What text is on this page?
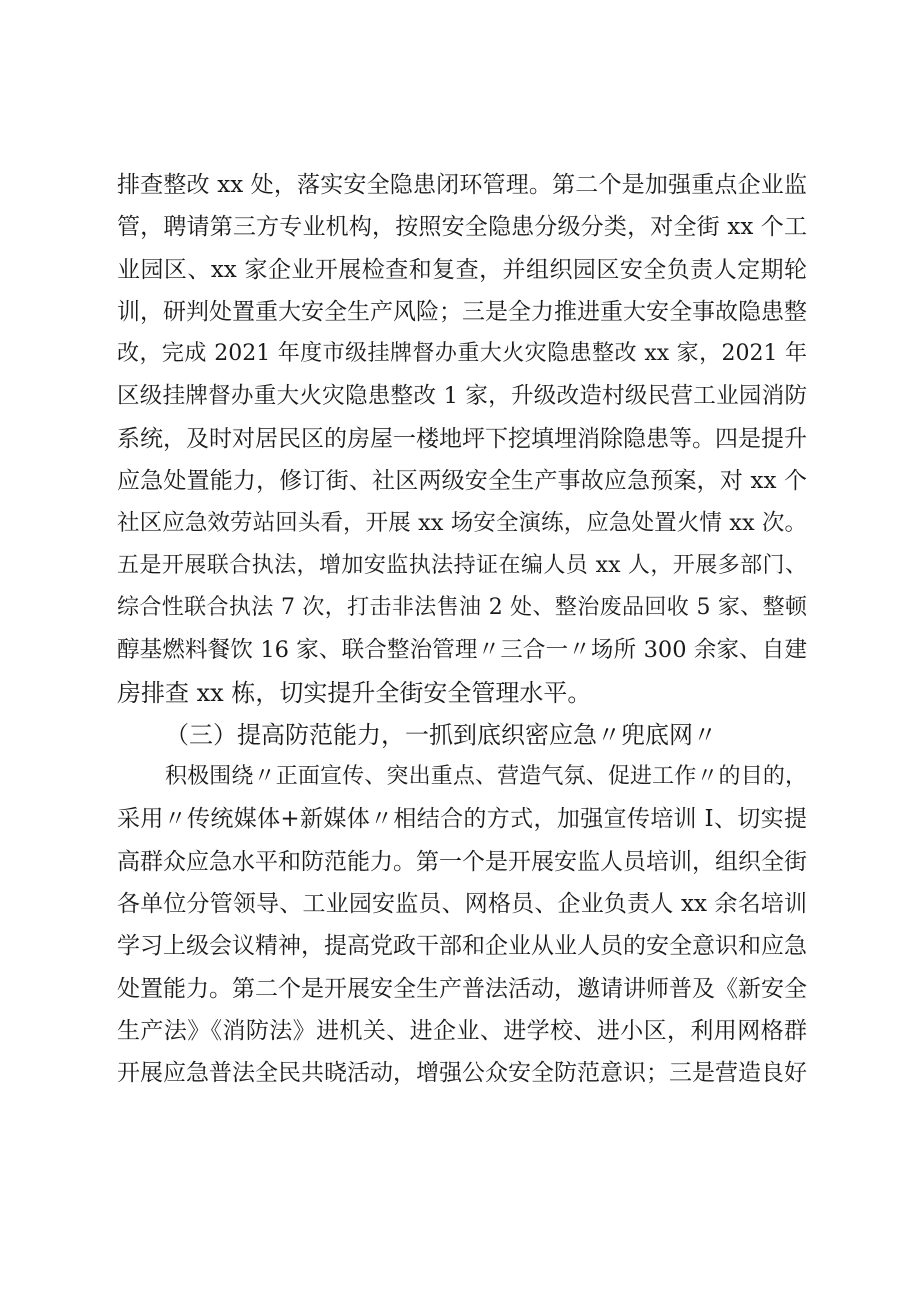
排查整改 xx 处，落实安全隐患闭环管理。第二个是加强重点企业监
管，聘请第三方专业机构，按照安全隐患分级分类，对全街 xx 个工
业园区、xx 家企业开展检查和复查，并组织园区安全负责人定期轮
训，研判处置重大安全生产风险；三是全力推进重大安全事故隐患整
改，完成 2021 年度市级挂牌督办重大火灾隐患整改 xx 家，2021 年
区级挂牌督办重大火灾隐患整改 1 家，升级改造村级民营工业园消防
系统，及时对居民区的房屋一楼地坪下挖填埋消除隐患等。四是提升
应急处置能力，修订街、社区两级安全生产事故应急预案，对 xx 个
社区应急效劳站回头看，开展 xx 场安全演练，应急处置火情 xx 次。
五是开展联合执法，增加安监执法持证在编人员 xx 人，开展多部门、
综合性联合执法 7 次，打击非法售油 2 处、整治废品回收 5 家、整顿
醇基燃料餐饮 16 家、联合整治管理〃三合一〃场所 300 余家、自建
房排查 xx 栋，切实提升全街安全管理水平。
（三）提高防范能力，一抓到底织密应急〃兜底网〃
积极围绕〃正面宣传、突出重点、营造气氛、促进工作〃的目的，
采用〃传统媒体+新媒体〃相结合的方式，加强宣传培训 I、切实提
高群众应急水平和防范能力。第一个是开展安监人员培训，组织全街
各单位分管领导、工业园安监员、网格员、企业负责人 xx 余名培训
学习上级会议精神，提高党政干部和企业从业人员的安全意识和应急
处置能力。第二个是开展安全生产普法活动，邀请讲师普及《新安全
生产法》《消防法》进机关、进企业、进学校、进小区，利用网格群
开展应急普法全民共晓活动，增强公众安全防范意识；三是营造良好
